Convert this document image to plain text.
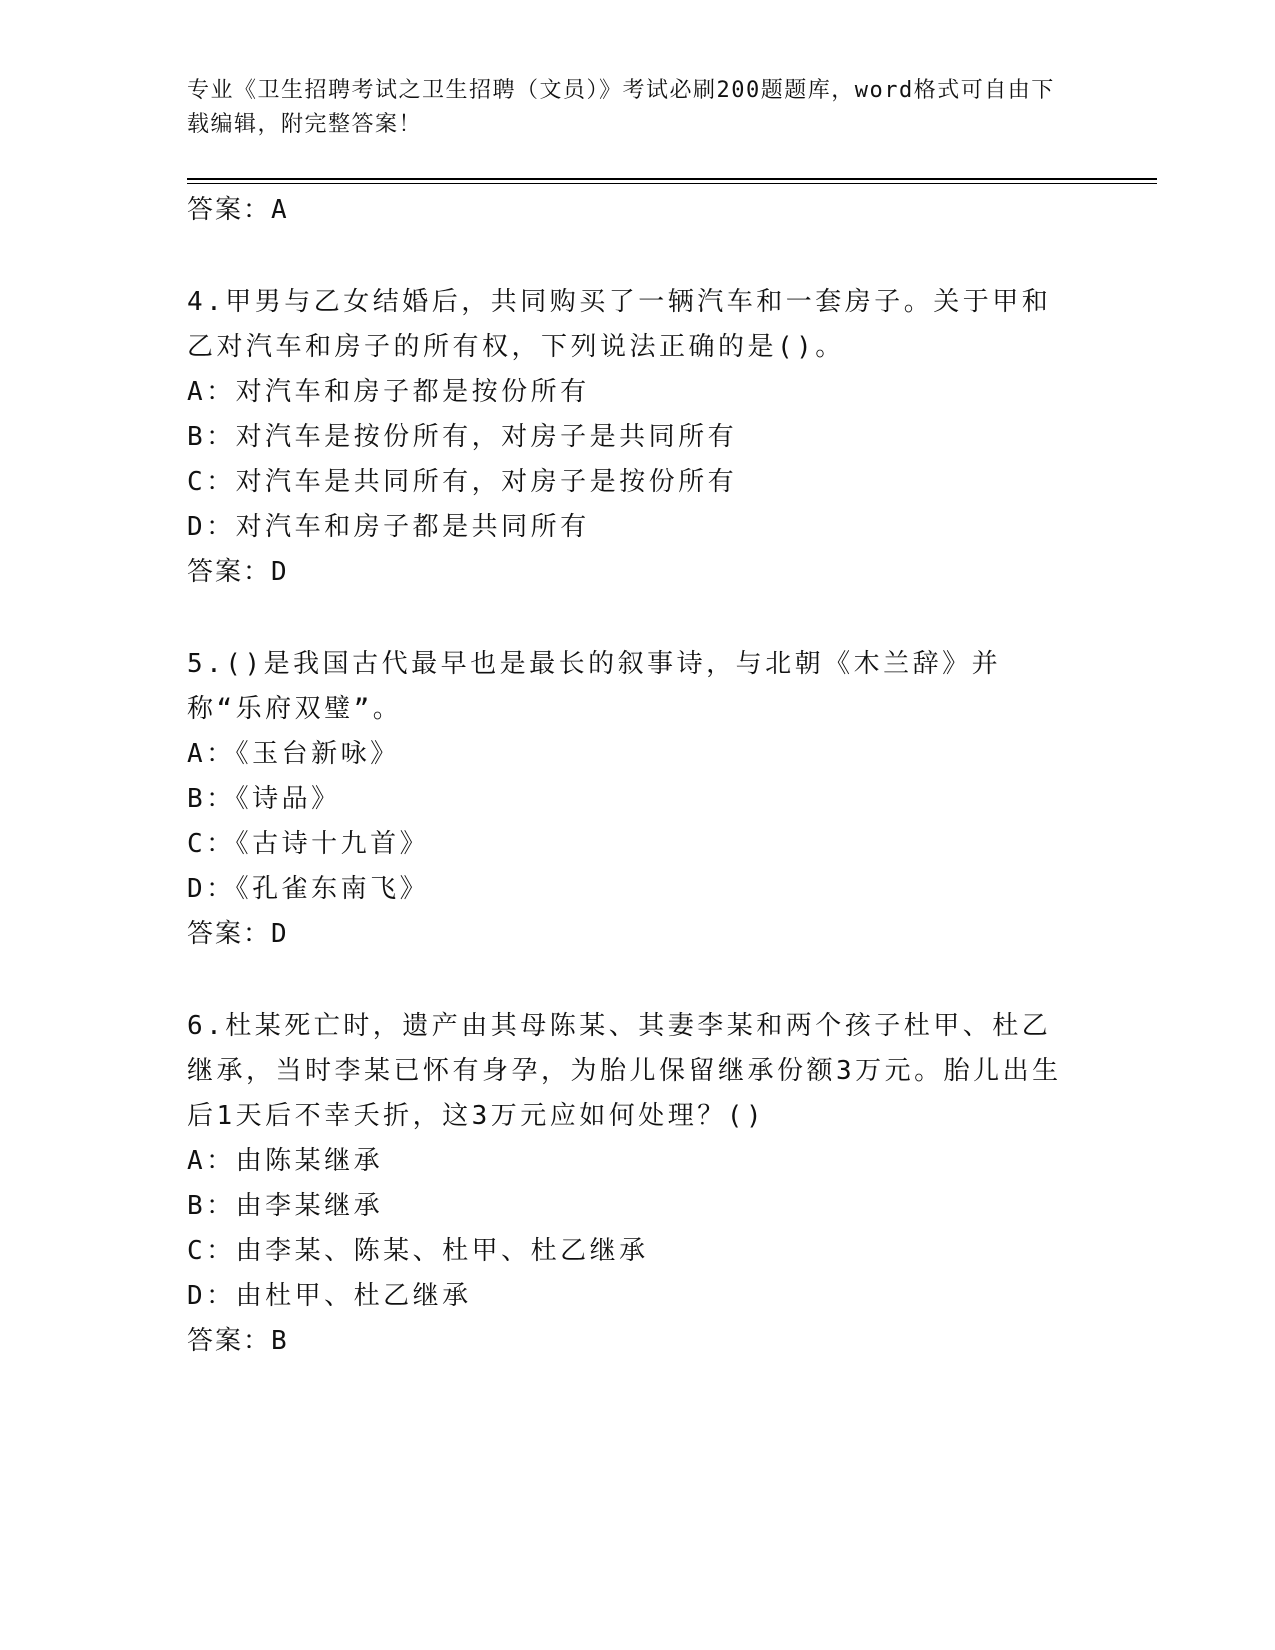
专业《卫生招聘考试之卫生招聘（文员）》考试必刷200题题库，word格式可自由下载编辑，附完整答案！

答案：A

4.甲男与乙女结婚后，共同购买了一辆汽车和一套房子。关于甲和乙对汽车和房子的所有权，下列说法正确的是()。

A：对汽车和房子都是按份所有

B：对汽车是按份所有，对房子是共同所有

C：对汽车是共同所有，对房子是按份所有

D：对汽车和房子都是共同所有

答案：D

5.()是我国古代最早也是最长的叙事诗，与北朝《木兰辞》并称“乐府双璧”。

A：《玉台新咏》

B：《诗品》

C：《古诗十九首》

D：《孔雀东南飞》

答案：D

6.杜某死亡时，遗产由其母陈某、其妻李某和两个孩子杜甲、杜乙继承，当时李某已怀有身孕，为胎儿保留继承份额3万元。胎儿出生后1天后不幸夭折，这3万元应如何处理？()

A：由陈某继承

B：由李某继承

C：由李某、陈某、杜甲、杜乙继承

D：由杜甲、杜乙继承

答案：B
